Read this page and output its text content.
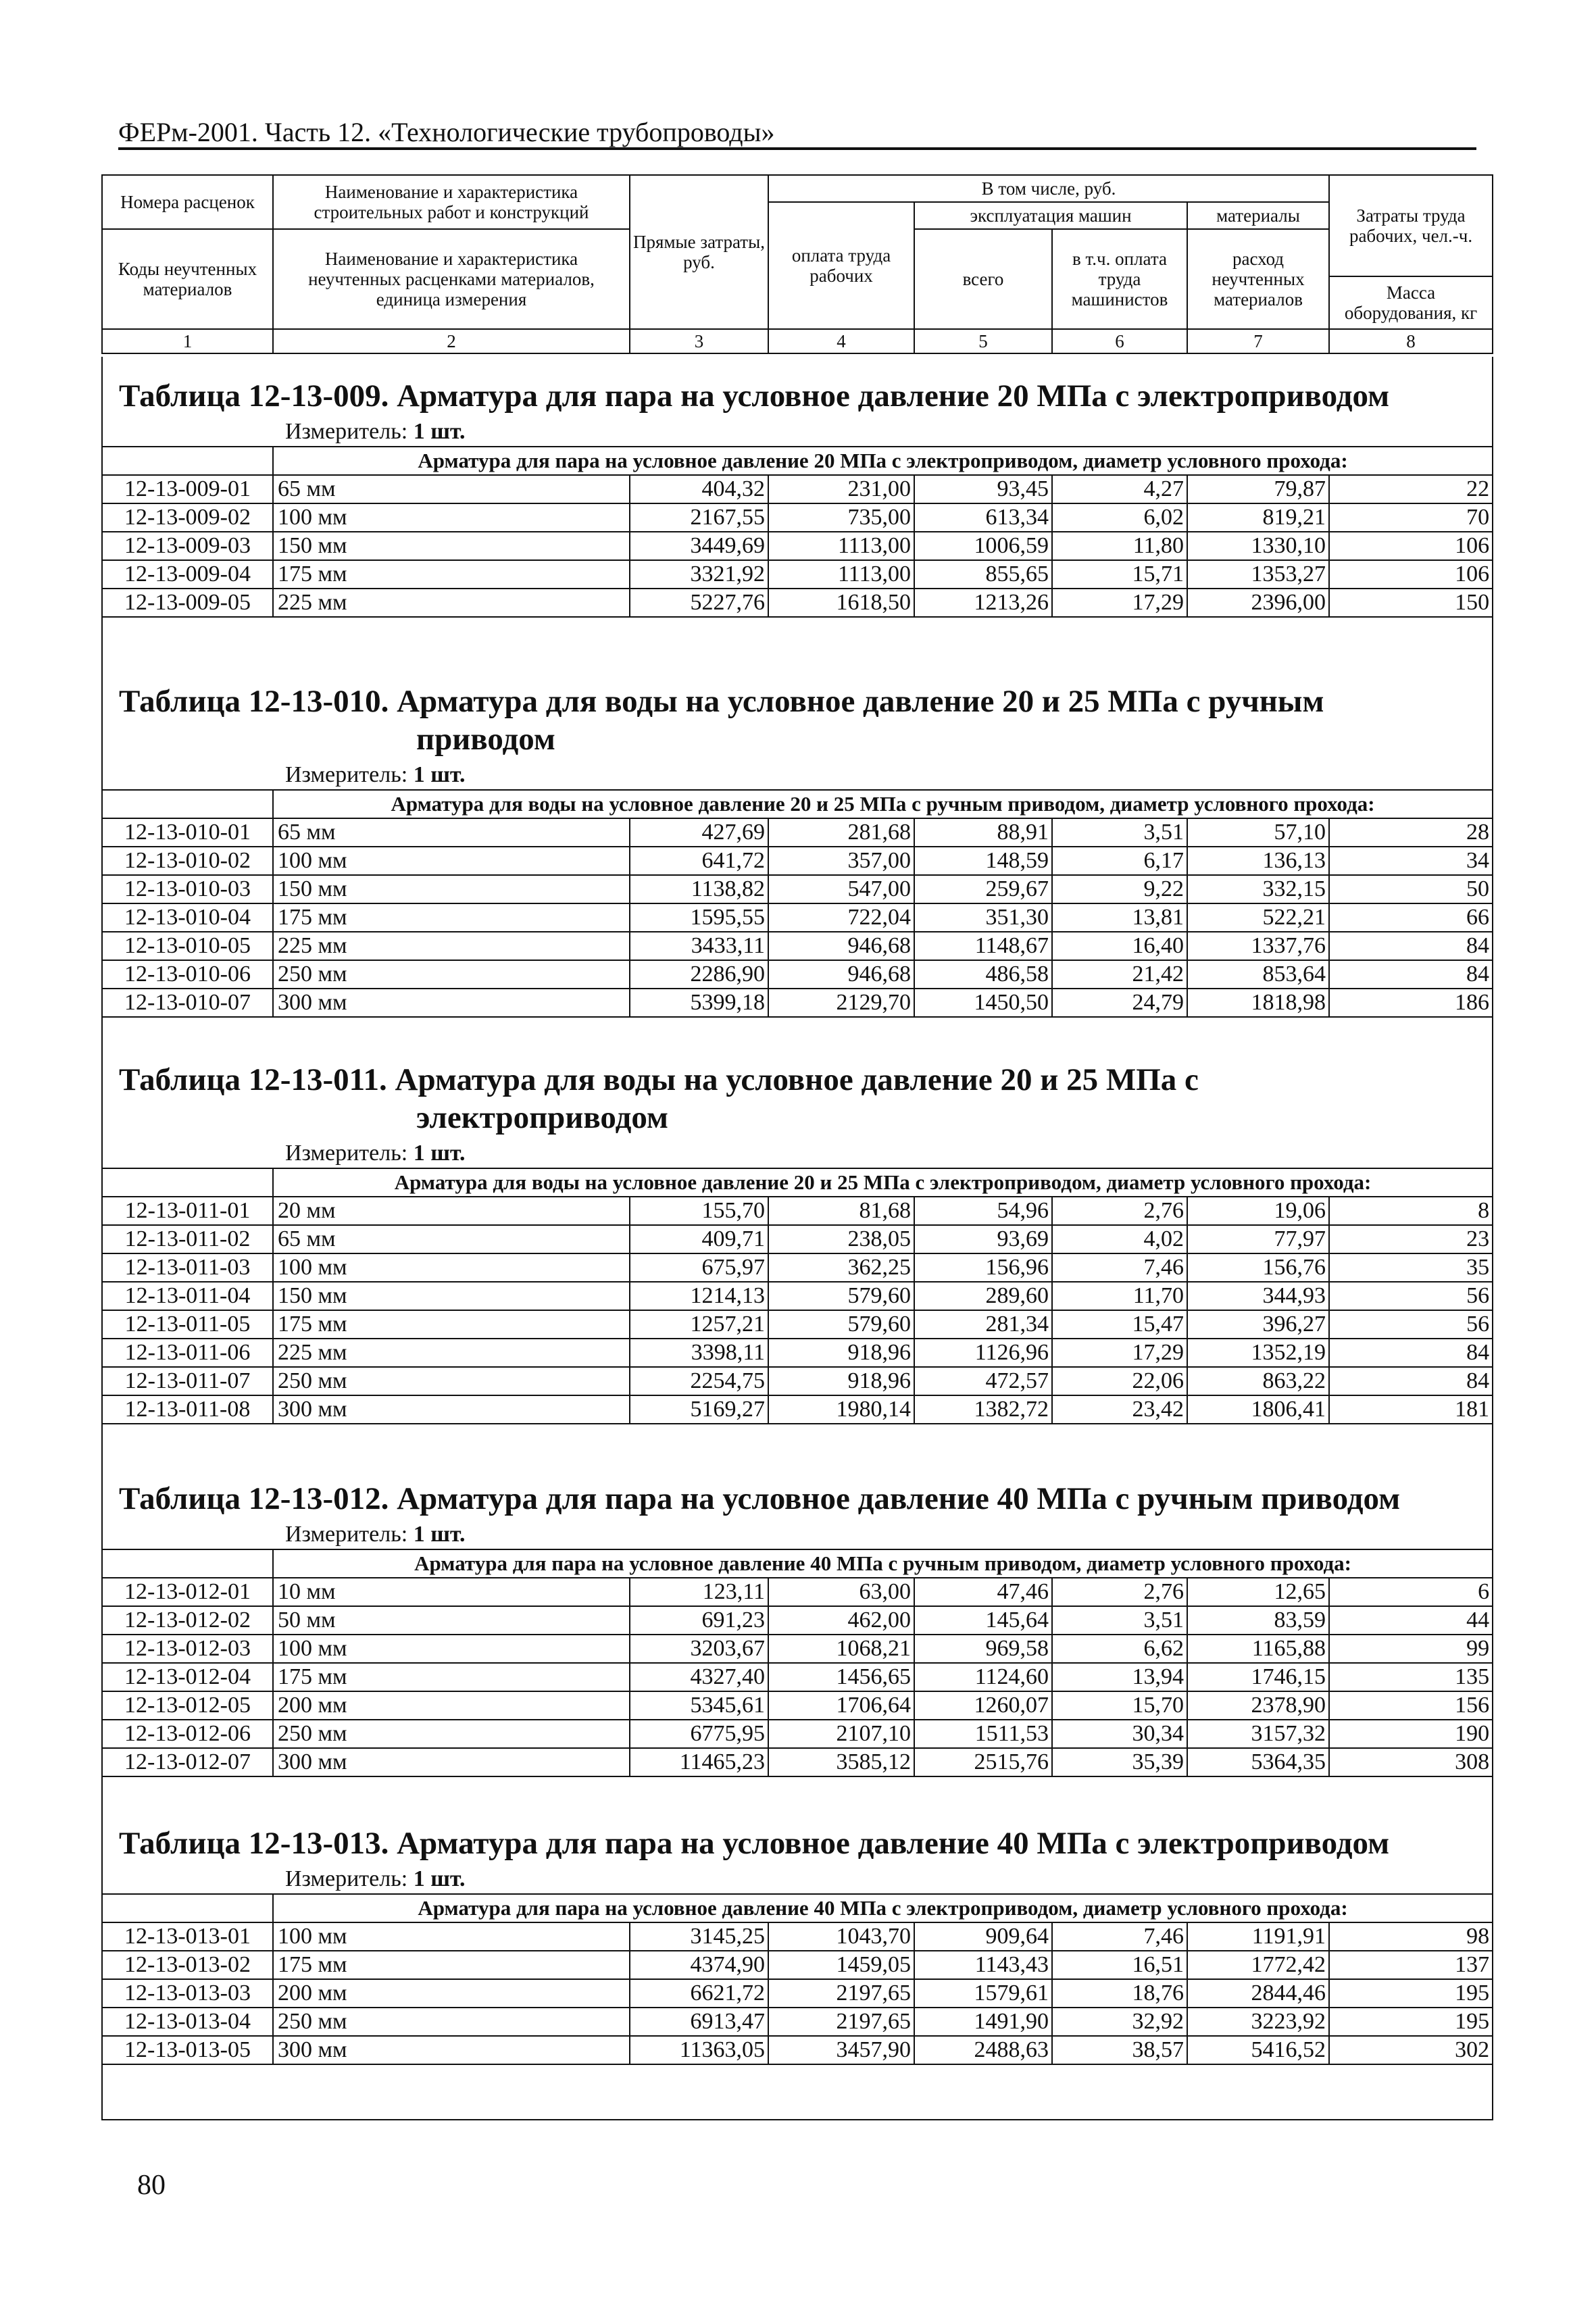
ФЕРм-2001. Часть 12. «Технологические трубопроводы»
Номера расценок	Наименование и характеристика строительных работ и конструкций	Прямые затраты, руб.	В том числе, руб.				Затраты труда рабочих, чел.-ч.
			оплата труда рабочих	эксплуатация машин		материалы	
Коды неучтенных материалов	Наименование и характеристика неучтенных расценками материалов, единица измерения			всего	в т.ч. оплата труда машинистов	расход неучтенных материалов	
							Масса оборудования, кг
1	2	3	4	5	6	7	8
Таблица 12-13-009. Арматура для пара на условное давление 20 МПа с электроприводом
Измеритель: 1 шт.
	Арматура для пара на условное давление 20 МПа с электроприводом, диаметр условного прохода:						
12-13-009-01	65 мм	404,32	231,00	93,45	4,27	79,87	22
12-13-009-02	100 мм	2167,55	735,00	613,34	6,02	819,21	70
12-13-009-03	150 мм	3449,69	1113,00	1006,59	11,80	1330,10	106
12-13-009-04	175 мм	3321,92	1113,00	855,65	15,71	1353,27	106
12-13-009-05	225 мм	5227,76	1618,50	1213,26	17,29	2396,00	150
Таблица 12-13-010. Арматура для воды на условное давление 20 и 25 МПа с ручным
приводом
Измеритель: 1 шт.
	Арматура для воды на условное давление 20 и 25 МПа с ручным приводом, диаметр условного прохода:						
12-13-010-01	65 мм	427,69	281,68	88,91	3,51	57,10	28
12-13-010-02	100 мм	641,72	357,00	148,59	6,17	136,13	34
12-13-010-03	150 мм	1138,82	547,00	259,67	9,22	332,15	50
12-13-010-04	175 мм	1595,55	722,04	351,30	13,81	522,21	66
12-13-010-05	225 мм	3433,11	946,68	1148,67	16,40	1337,76	84
12-13-010-06	250 мм	2286,90	946,68	486,58	21,42	853,64	84
12-13-010-07	300 мм	5399,18	2129,70	1450,50	24,79	1818,98	186
Таблица 12-13-011. Арматура для воды на условное давление 20 и 25 МПа с
электроприводом
Измеритель: 1 шт.
	Арматура для воды на условное давление 20 и 25 МПа с электроприводом, диаметр условного прохода:						
12-13-011-01	20 мм	155,70	81,68	54,96	2,76	19,06	8
12-13-011-02	65 мм	409,71	238,05	93,69	4,02	77,97	23
12-13-011-03	100 мм	675,97	362,25	156,96	7,46	156,76	35
12-13-011-04	150 мм	1214,13	579,60	289,60	11,70	344,93	56
12-13-011-05	175 мм	1257,21	579,60	281,34	15,47	396,27	56
12-13-011-06	225 мм	3398,11	918,96	1126,96	17,29	1352,19	84
12-13-011-07	250 мм	2254,75	918,96	472,57	22,06	863,22	84
12-13-011-08	300 мм	5169,27	1980,14	1382,72	23,42	1806,41	181
Таблица 12-13-012. Арматура для пара на условное давление 40 МПа с ручным приводом
Измеритель: 1 шт.
	Арматура для пара на условное давление 40 МПа с ручным приводом, диаметр условного прохода:						
12-13-012-01	10 мм	123,11	63,00	47,46	2,76	12,65	6
12-13-012-02	50 мм	691,23	462,00	145,64	3,51	83,59	44
12-13-012-03	100 мм	3203,67	1068,21	969,58	6,62	1165,88	99
12-13-012-04	175 мм	4327,40	1456,65	1124,60	13,94	1746,15	135
12-13-012-05	200 мм	5345,61	1706,64	1260,07	15,70	2378,90	156
12-13-012-06	250 мм	6775,95	2107,10	1511,53	30,34	3157,32	190
12-13-012-07	300 мм	11465,23	3585,12	2515,76	35,39	5364,35	308
Таблица 12-13-013. Арматура для пара на условное давление 40 МПа с электроприводом
Измеритель: 1 шт.
	Арматура для пара на условное давление 40 МПа с электроприводом, диаметр условного прохода:						
12-13-013-01	100 мм	3145,25	1043,70	909,64	7,46	1191,91	98
12-13-013-02	175 мм	4374,90	1459,05	1143,43	16,51	1772,42	137
12-13-013-03	200 мм	6621,72	2197,65	1579,61	18,76	2844,46	195
12-13-013-04	250 мм	6913,47	2197,65	1491,90	32,92	3223,92	195
12-13-013-05	300 мм	11363,05	3457,90	2488,63	38,57	5416,52	302
80
